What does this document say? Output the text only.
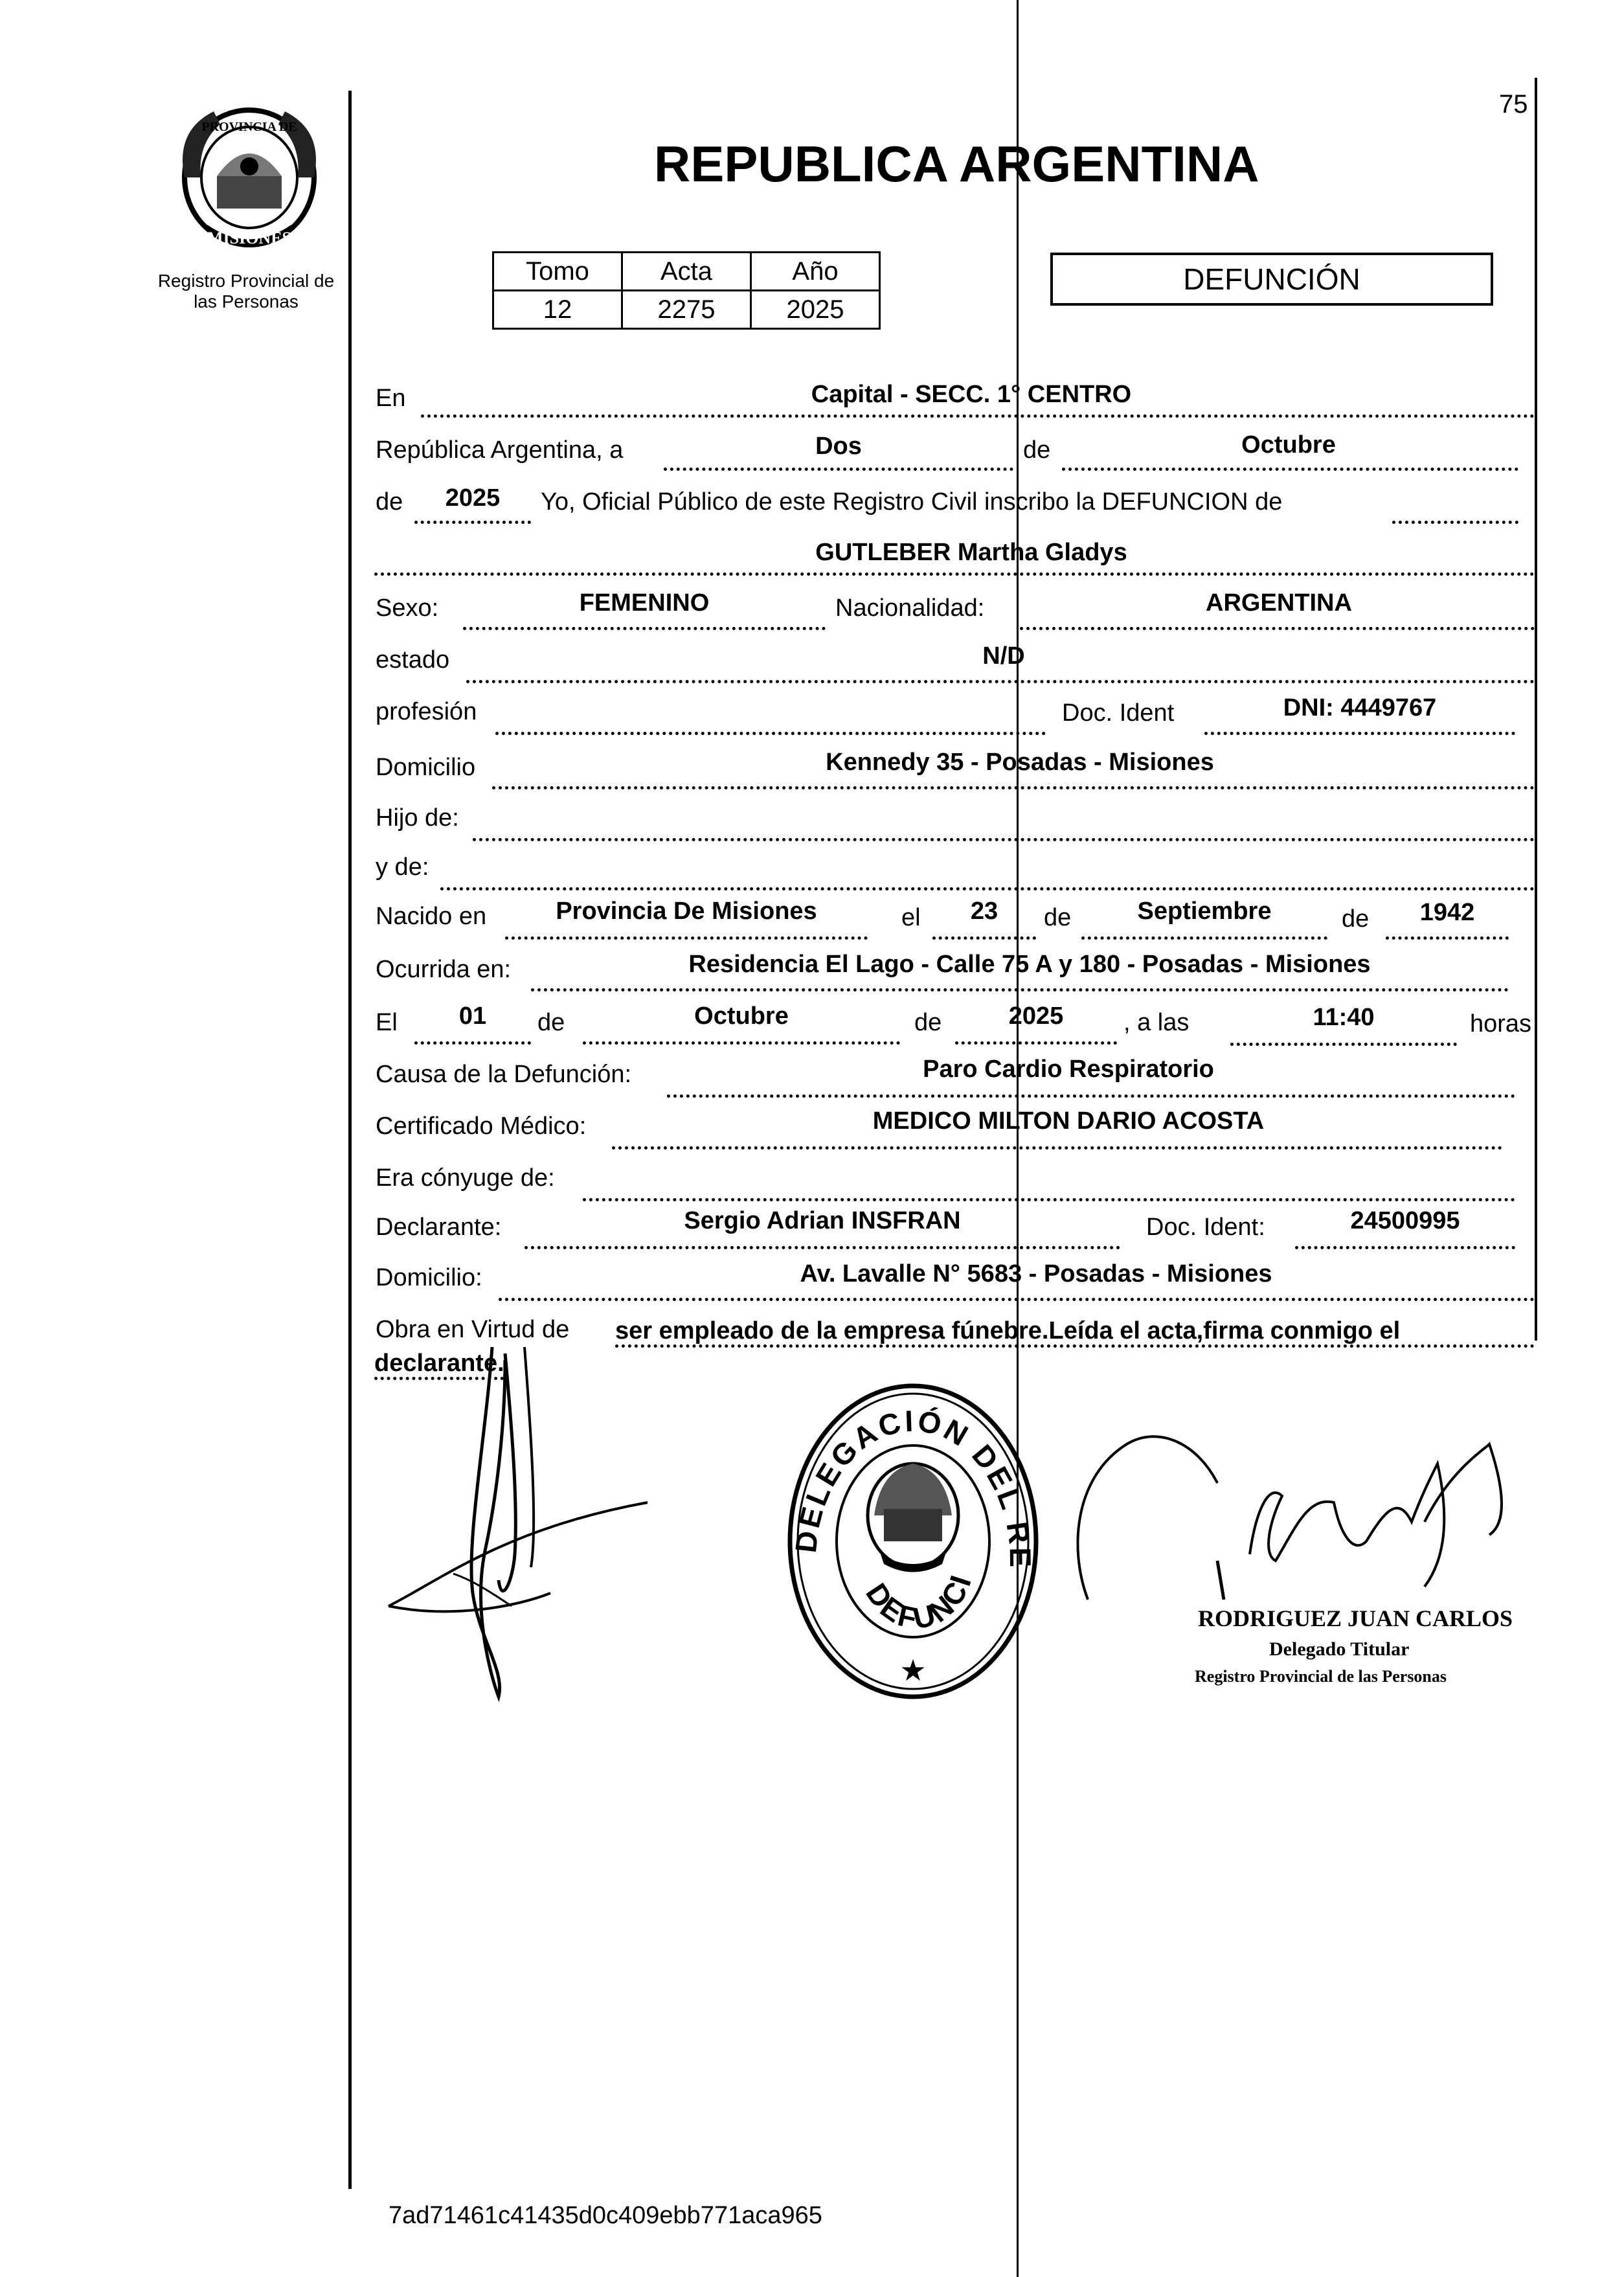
75
MISIONES
PROVINCIA DE
Registro Provincial de
las Personas
REPUBLICA ARGENTINA
Tomo	Acta	Año
12	2275	2025
DEFUNCIÓN
En	Capital - SECC. 1° CENTRO
República Argentina, a	Dos	de	Octubre
de	2025	Yo, Oficial Público de este Registro Civil inscribo la DEFUNCION de
GUTLEBER Martha Gladys
Sexo:	FEMENINO	Nacionalidad:	ARGENTINA
estado	N/D
profesión	Doc. Ident	DNI: 4449767
Domicilio	Kennedy 35 - Posadas - Misiones
Hijo de:
y de:
Nacido en	Provincia De Misiones	el	23	de	Septiembre	de	1942
Ocurrida en:	Residencia El Lago - Calle 75 A y 180 - Posadas - Misiones
El	01	de	Octubre	de	2025	, a las	11:40	horas
Causa de la Defunción:	Paro Cardio Respiratorio
Certificado Médico:	MEDICO MILTON DARIO ACOSTA
Era cónyuge de:
Declarante:	Sergio Adrian INSFRAN	Doc. Ident:	24500995
Domicilio:	Av. Lavalle N° 5683 - Posadas - Misiones
Obra en Virtud de ser empleado de la empresa fúnebre.Leída el acta,firma conmigo el
declarante.
DELEGACIÓN DEL RE
DEFUNCI
★
RODRIGUEZ JUAN CARLOS
Delegado Titular
Registro Provincial de las Personas
7ad71461c41435d0c409ebb771aca965
